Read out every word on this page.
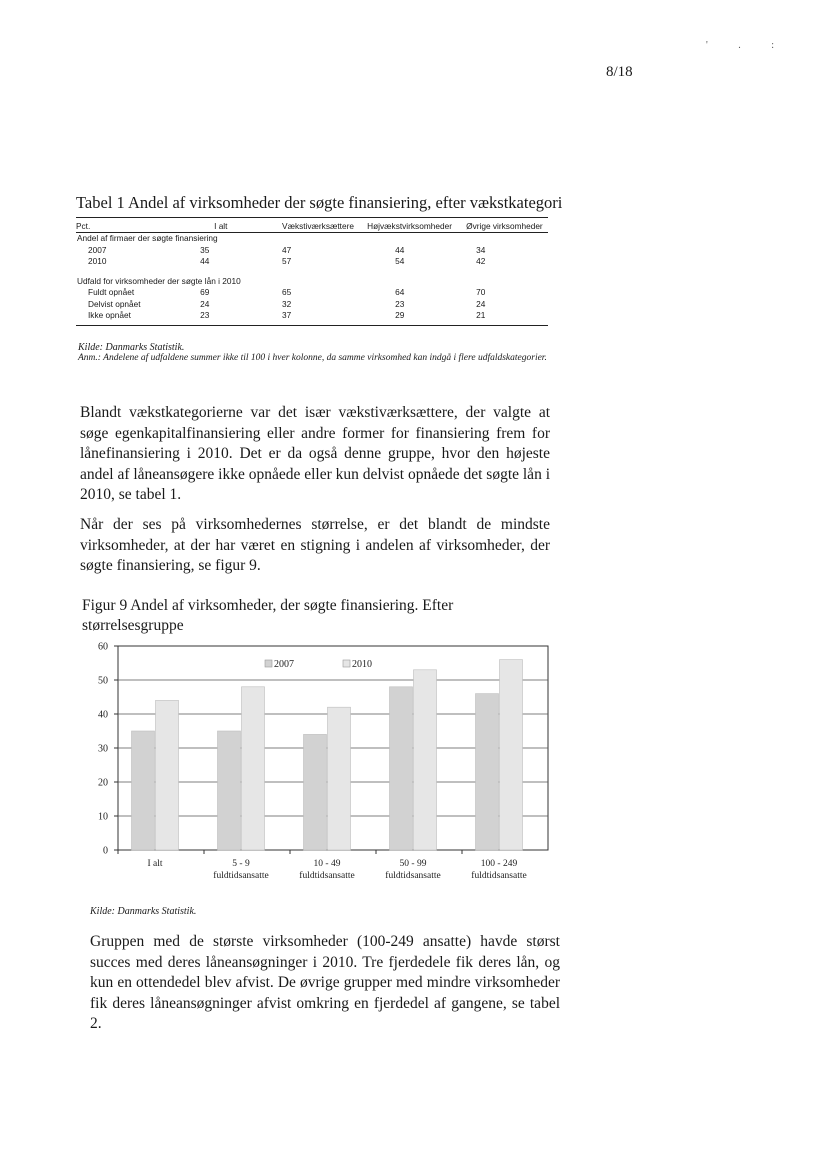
8/18
' . :
Tabel 1 Andel af virksomheder der søgte finansiering, efter vækstkategori
Pct.	I alt	Vækstiværksættere	Højvækstvirksomheder	Øvrige virksomheder
Andel af firmaer der søgte finansiering				
2007	35	47	44	34
2010	44	57	54	42

Udfald for virksomheder der søgte lån i 2010				
Fuldt opnået	69	65	64	70
Delvist opnået	24	32	23	24
Ikke opnået	23	37	29	21
Kilde: Danmarks Statistik.
Anm.: Andelene af udfaldene summer ikke til 100 i hver kolonne, da samme virksomhed kan indgå i flere udfaldskategorier.
Blandt vækstkategorierne var det især vækstiværksættere, der valgte at søge egenkapitalfinansiering eller andre former for finansiering frem for lånefinansiering i 2010. Det er da også denne gruppe, hvor den højeste andel af låneansøgere ikke opnåede eller kun delvist opnåede det søgte lån i 2010, se tabel 1.
Når der ses på virksomhedernes størrelse, er det blandt de mindste virksomheder, at der har været en stigning i andelen af virksomheder, der søgte finansiering, se figur 9.
Figur 9 Andel af virksomheder, der søgte finansiering. Efter størrelsesgruppe
0
10
20
30
40
50
60
I alt	5 - 9
fuldtidsansatte
10 - 49
fuldtidsansatte
50 - 99
fuldtidsansatte
100 - 249
fuldtidsansatte
2007	2010
Kilde: Danmarks Statistik.
Gruppen med de største virksomheder (100-249 ansatte) havde størst succes med deres låneansøgninger i 2010. Tre fjerdedele fik deres lån, og kun en ottendedel blev afvist. De øvrige grupper med mindre virksomheder fik deres låneansøgninger afvist omkring en fjerdedel af gangene, se tabel 2.
